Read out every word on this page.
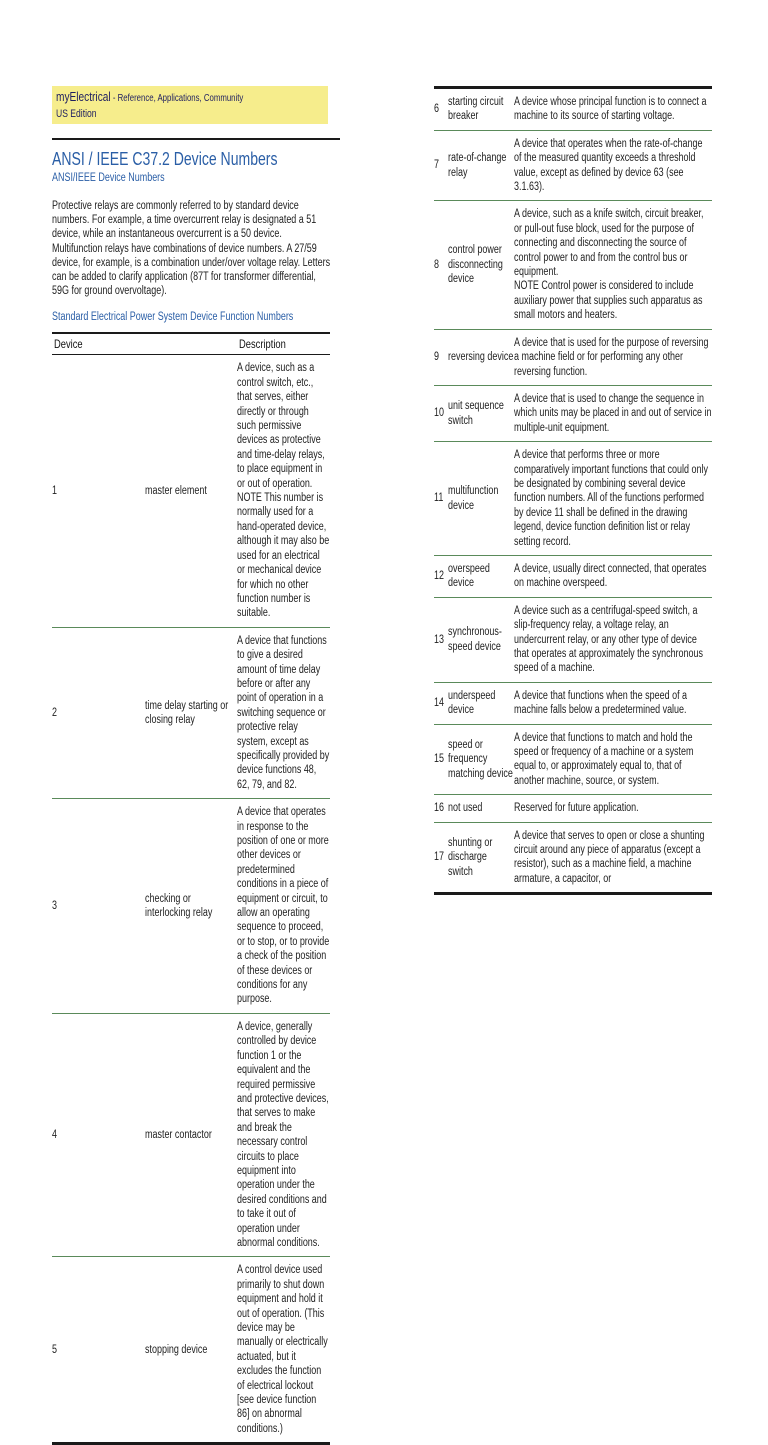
myElectrical - Reference, Applications, Community
US Edition
ANSI / IEEE C37.2 Device Numbers
ANSI/IEEE Device Numbers
Protective relays are commonly referred to by standard device numbers. For example, a time overcurrent relay is designated a 51 device, while an instantaneous overcurrent is a 50 device. Multifunction relays have combinations of device numbers. A 27/59 device, for example, is a combination under/over voltage relay. Letters can be added to clarify application (87T for transformer differential, 59G for ground overvoltage).
Standard Electrical Power System Device Function Numbers
Device		Description
1	master element	A device, such as a control switch, etc., that serves, either directly or through such permissive devices as protective and time-delay relays, to place equipment in or out of operation.
NOTE This number is normally used for a hand-operated device, although it may also be used for an electrical or mechanical device for which no other function number is suitable.

2	time delay starting or closing relay	A device that functions to give a desired amount of time delay before or after any point of operation in a switching sequence or protective relay system, except as specifically provided by device functions 48, 62, 79, and 82.

3	checking or interlocking relay	A device that operates in response to the position of one or more other devices or predetermined conditions in a piece of equipment or circuit, to allow an operating sequence to proceed, or to stop, or to provide a check of the position of these devices or conditions for any purpose.

4	master contactor	A device, generally controlled by device function 1 or the equivalent and the required permissive and protective devices, that serves to make and break the necessary control circuits to place equipment into operation under the desired conditions and to take it out of operation under abnormal conditions.

5	stopping device	A control device used primarily to shut down equipment and hold it out of operation. (This device may be manually or electrically actuated, but it excludes the function of electrical lockout [see device function 86] on abnormal conditions.)
6	starting circuit breaker	A device whose principal function is to connect a machine to its source of starting voltage.

7	rate-of-change relay	A device that operates when the rate-of-change of the measured quantity exceeds a threshold value, except as defined by device 63 (see 3.1.63).

8	control power disconnecting device	A device, such as a knife switch, circuit breaker, or pull-out fuse block, used for the purpose of connecting and disconnecting the source of control power to and from the control bus or equipment.
NOTE Control power is considered to include auxiliary power that supplies such apparatus as small motors and heaters.

9	reversing device	A device that is used for the purpose of reversing a machine field or for performing any other reversing function.

10	unit sequence switch	A device that is used to change the sequence in which units may be placed in and out of service in multiple-unit equipment.

11	multifunction device	A device that performs three or more comparatively important functions that could only be designated by combining several device function numbers. All of the functions performed by device 11 shall be defined in the drawing legend, device function definition list or relay setting record.

12	overspeed device	A device, usually direct connected, that operates on machine overspeed.

13	synchronous-speed device	A device such as a centrifugal-speed switch, a slip-frequency relay, a voltage relay, an undercurrent relay, or any other type of device that operates at approximately the synchronous speed of a machine.

14	underspeed device	A device that functions when the speed of a machine falls below a predetermined value.

15	speed or frequency matching device	A device that functions to match and hold the speed or frequency of a machine or a system equal to, or approximately equal to, that of another machine, source, or system.

16	not used	Reserved for future application.

17	shunting or discharge switch	A device that serves to open or close a shunting circuit around any piece of apparatus (except a resistor), such as a machine field, a machine armature, a capacitor, or
